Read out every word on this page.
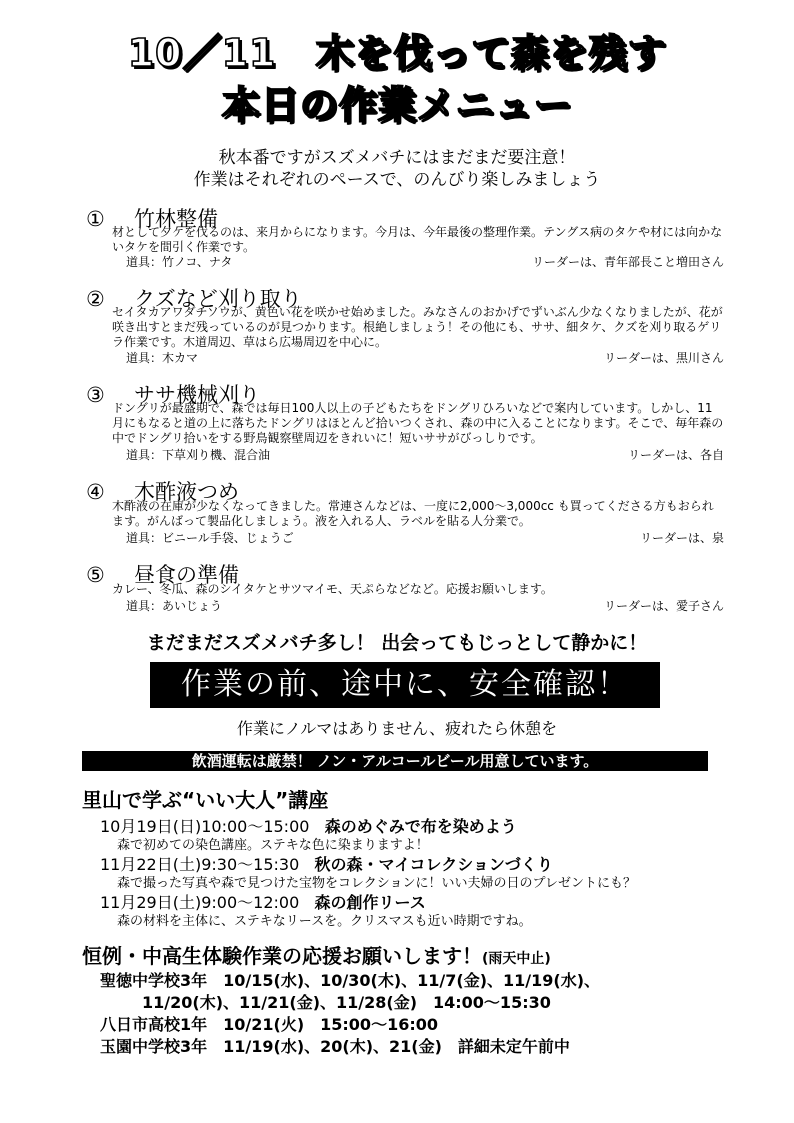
10／11　木を伐って森を残す
本日の作業メニュー
秋本番ですがスズメバチにはまだまだ要注意！
作業はそれぞれのペースで、のんびり楽しみましょう
① 竹林整備
材として夕ケを伐るのは、来月からになります。今月は、今年最後の整理作業。テングス病のタケや材には向かないタケを間引く作業です。
道具：竹ノコ、ナタ	リーダーは、青年部長こと増田さん
② クズなど刈り取り
セイタカアワダチソウが、黄色い花を咲かせ始めました。みなさんのおかげでずいぶん少なくなりましたが、花が咲き出すとまだ残っているのが見つかります。根絶しましょう！その他にも、ササ、細タケ、クズを刈り取るゲリラ作業です。木道周辺、草はら広場周辺を中心に。
道具：木カマ	リーダーは、黒川さん
③ ササ機械刈り
ドングリが最盛期で、森では毎日100人以上の子どもたちをドングリひろいなどで案内しています。しかし、11月にもなると道の上に落ちたドングリはほとんど拾いつくされ、森の中に入ることになります。そこで、毎年森の中でドングリ拾いをする野鳥観察壁周辺をきれいに！短いササがびっしりです。
道具：下草刈り機、混合油	リーダーは、各自
④ 木酢液つめ
木酢液の在庫が少なくなってきました。常連さんなどは、一度に2,000～3,000cc も買ってくださる方もおられます。がんばって製品化しましょう。液を入れる人、ラベルを貼る人分業で。
道具：ビニール手袋、じょうご	リーダーは、泉
⑤ 昼食の準備
カレー、冬瓜、森のシイタケとサツマイモ、天ぷらなどなど。応援お願いします。
道具：あいじょう	リーダーは、愛子さん
まだまだスズメバチ多し！ 出会ってもじっとして静かに！
作業の前、途中に、安全確認！
作業にノルマはありません、疲れたら休憩を
飲酒運転は厳禁！ ノン・アルコールビール用意しています。
里山で学ぶ“いい大人”講座
10月19日(日)10:00～15:00 森のめぐみで布を染めよう
森で初めての染色講座。ステキな色に染まりますよ！
11月22日(土)9:30～15:30 秋の森・マイコレクションづくり
森で撮った写真や森で見つけた宝物をコレクションに！いい夫婦の日のプレゼントにも？
11月29日(土)9:00～12:00 森の創作リース
森の材料を主体に、ステキなリースを。クリスマスも近い時期ですね。
恒例・中高生体験作業の応援お願いします！(雨天中止)
聖徳中学校3年　10/15(水)、10/30(木)、11/7(金)、11/19(水)、
11/20(木)、11/21(金)、11/28(金)　14:00～15:30
八日市高校1年　10/21(火)　15:00～16:00
玉園中学校3年　11/19(水)、20(木)、21(金)　詳細未定午前中
